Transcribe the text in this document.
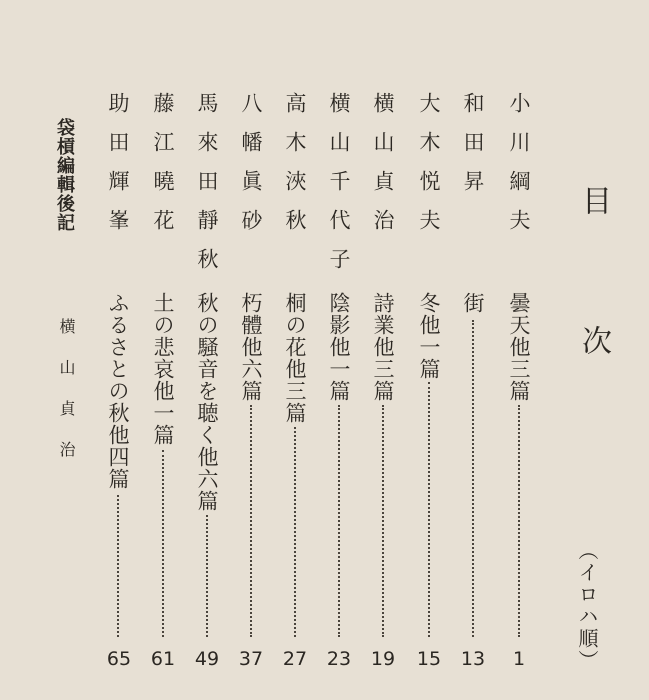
目次
（イロハ順）
小川綱夫
曇天他三篇
1
和田昇
街
13
大木悦夫
冬他一篇
15
横山貞治
詩業他三篇
19
横山千代子
陰影他一篇
23
高木浹秋
桐の花他三篇
27
八幡眞砂
朽體他六篇
37
馬來田靜秋
秋の騒音を聴く他六篇
49
藤江曉花
土の悲哀他一篇
61
助田輝峯
ふるさとの秋他四篇
65
袋槓編輯後記
横山貞治
